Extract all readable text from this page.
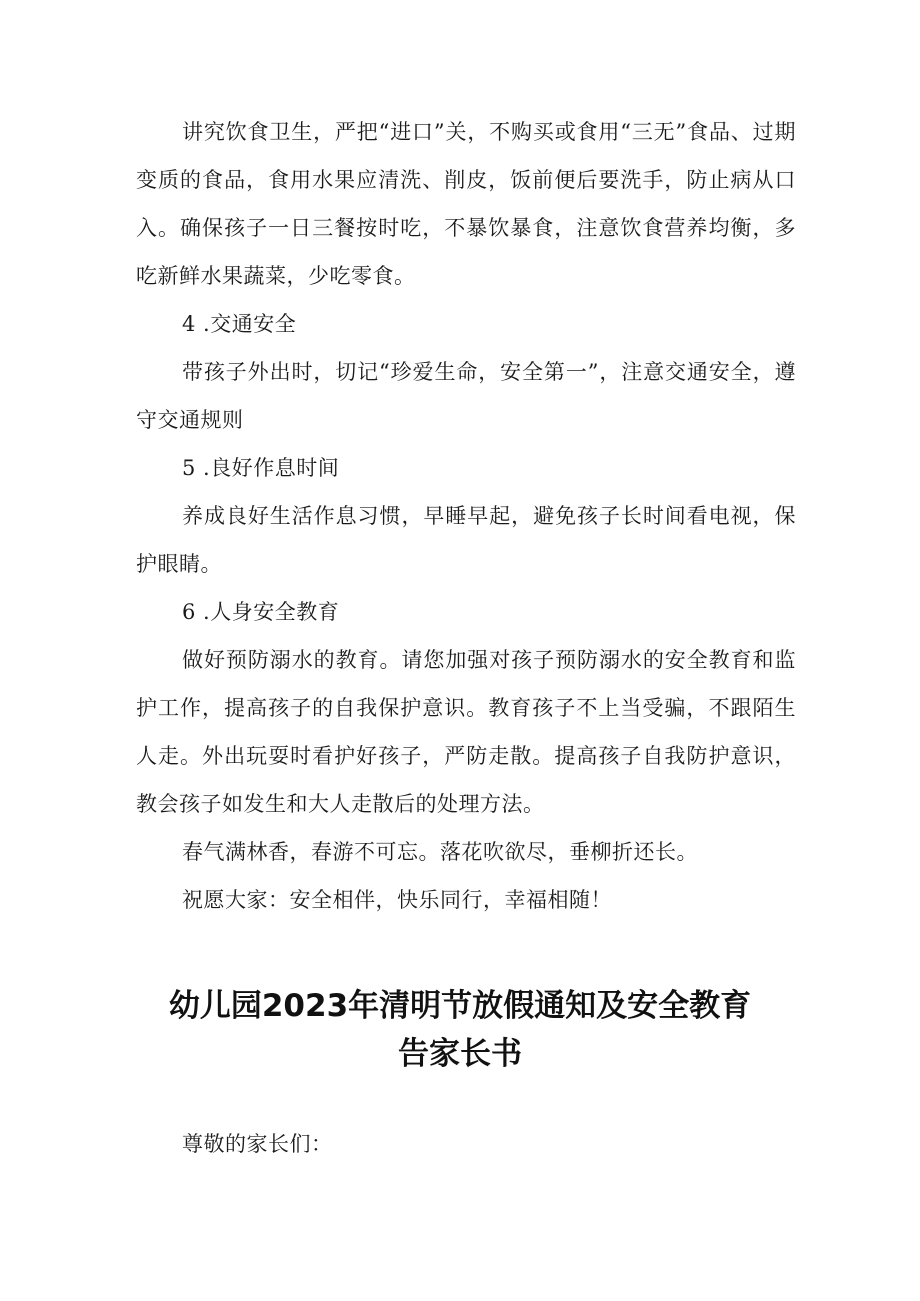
讲究饮食卫生，严把“进口”关，不购买或食用“三无”食品、过期变质的食品，食用水果应清洗、削皮，饭前便后要洗手，防止病从口入。确保孩子一日三餐按时吃，不暴饮暴食，注意饮食营养均衡，多吃新鲜水果蔬菜，少吃零食。

4 .交通安全

带孩子外出时，切记“珍爱生命，安全第一”，注意交通安全，遵守交通规则

5 .良好作息时间

养成良好生活作息习惯，早睡早起，避免孩子长时间看电视，保护眼睛。

6 .人身安全教育

做好预防溺水的教育。请您加强对孩子预防溺水的安全教育和监护工作，提高孩子的自我保护意识。教育孩子不上当受骗，不跟陌生人走。外出玩耍时看护好孩子，严防走散。提高孩子自我防护意识，教会孩子如发生和大人走散后的处理方法。

春气满林香，春游不可忘。落花吹欲尽，垂柳折还长。

祝愿大家：安全相伴，快乐同行，幸福相随！

幼儿园2023年清明节放假通知及安全教育
告家长书

尊敬的家长们：
